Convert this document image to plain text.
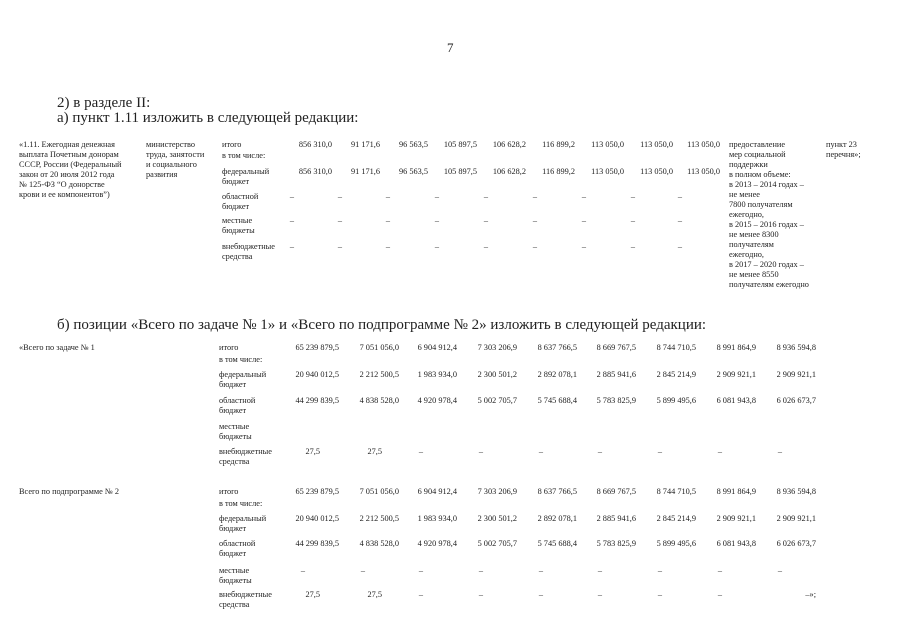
7
2) в разделе II:
а) пункт 1.11 изложить в следующей редакции:
б) позиции «Всего по задаче № 1» и «Всего по подпрограмме № 2» изложить в следующей редакции:
«1.11. Ежегодная денежная
выплата Почетным донорам
СССР, России (Федеральный
закон от 20 июля 2012 года
№ 125-ФЗ “О донорстве
крови и ее компонентов”)
министерство
труда, занятости
и социального
развития
итого	856 310,0	91 171,6	96 563,5	105 897,5	106 628,2	116 899,2	113 050,0	113 050,0	113 050,0
в том числе:
федеральный
бюджет
856 310,0	91 171,6	96 563,5	105 897,5	106 628,2	116 899,2	113 050,0	113 050,0	113 050,0
областной
бюджет
–	–	–	–	–	–	–	–	–
местные
бюджеты
–	–	–	–	–	–	–	–	–
внебюджетные
средства
–	–	–	–	–	–	–	–	–
предоставление
мер социальной
поддержки
в полном объеме:
в 2013 – 2014 годах –
не менее
7800 получателям
ежегодно,
в 2015 – 2016 годах –
не менее 8300
получателям
ежегодно,
в 2017 – 2020 годах –
не менее 8550
получателям ежегодно
пункт 23
перечня»;
«Всего по задаче № 1	итого	65 239 879,5	7 051 056,0	6 904 912,4	7 303 206,9	8 637 766,5	8 669 767,5	8 744 710,5	8 991 864,9	8 936 594,8
в том числе:
федеральный
бюджет
20 940 012,5	2 212 500,5	1 983 934,0	2 300 501,2	2 892 078,1	2 885 941,6	2 845 214,9	2 909 921,1	2 909 921,1
областной
бюджет
44 299 839,5	4 838 528,0	4 920 978,4	5 002 705,7	5 745 688,4	5 783 825,9	5 899 495,6	6 081 943,8	6 026 673,7
местные
бюджеты
внебюджетные
средства
27,5	27,5	–	–	–	–	–	–	–
Всего по подпрограмме № 2	итого	65 239 879,5	7 051 056,0	6 904 912,4	7 303 206,9	8 637 766,5	8 669 767,5	8 744 710,5	8 991 864,9	8 936 594,8
в том числе:
федеральный
бюджет
20 940 012,5	2 212 500,5	1 983 934,0	2 300 501,2	2 892 078,1	2 885 941,6	2 845 214,9	2 909 921,1	2 909 921,1
областной
бюджет
44 299 839,5	4 838 528,0	4 920 978,4	5 002 705,7	5 745 688,4	5 783 825,9	5 899 495,6	6 081 943,8	6 026 673,7
местные
бюджеты
–	–	–	–	–	–	–	–	–
внебюджетные
средства
27,5	27,5	–	–	–	–	–	–	–»;
